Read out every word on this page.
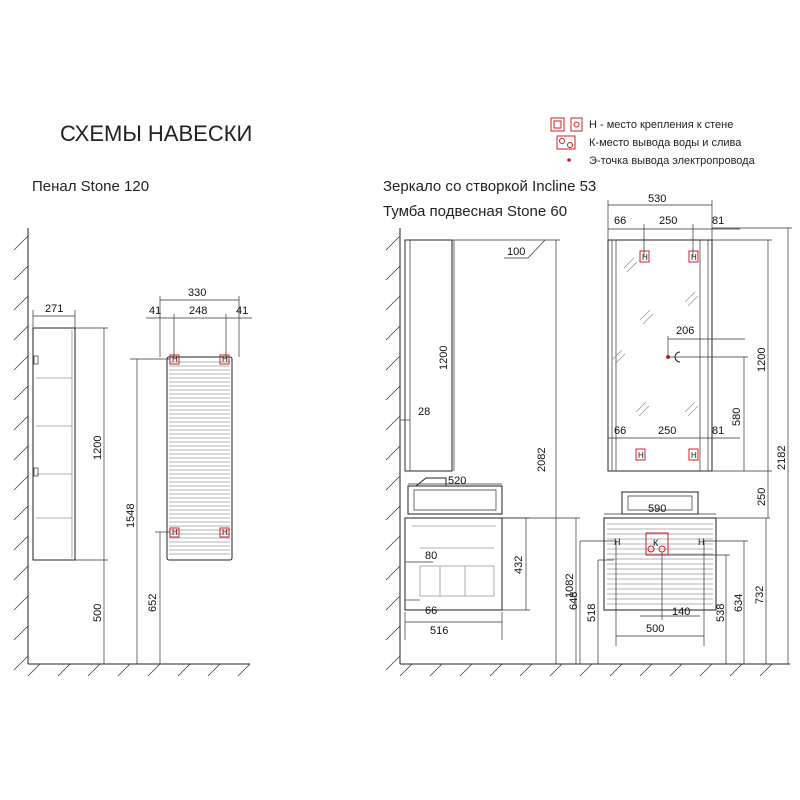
СХЕМЫ НАВЕСКИ
Пенал Stone 120	Зеркало со створкой Incline 53
Тумба подвесная Stone 60
Н - место крепления к стене
К-место вывода воды и слива
Э-точка вывода электропровода
271
1200
500
Н	Н
Н	Н
330
41	248	41
1548
652
1200
28
100
2082
520
80	432
66
516
1082
Н	Н
Н	Н
530
66	250	81
206
580
66	250	81
1200
250
2182
590
Н	Н
К
140
500
648
518	538
634 732
